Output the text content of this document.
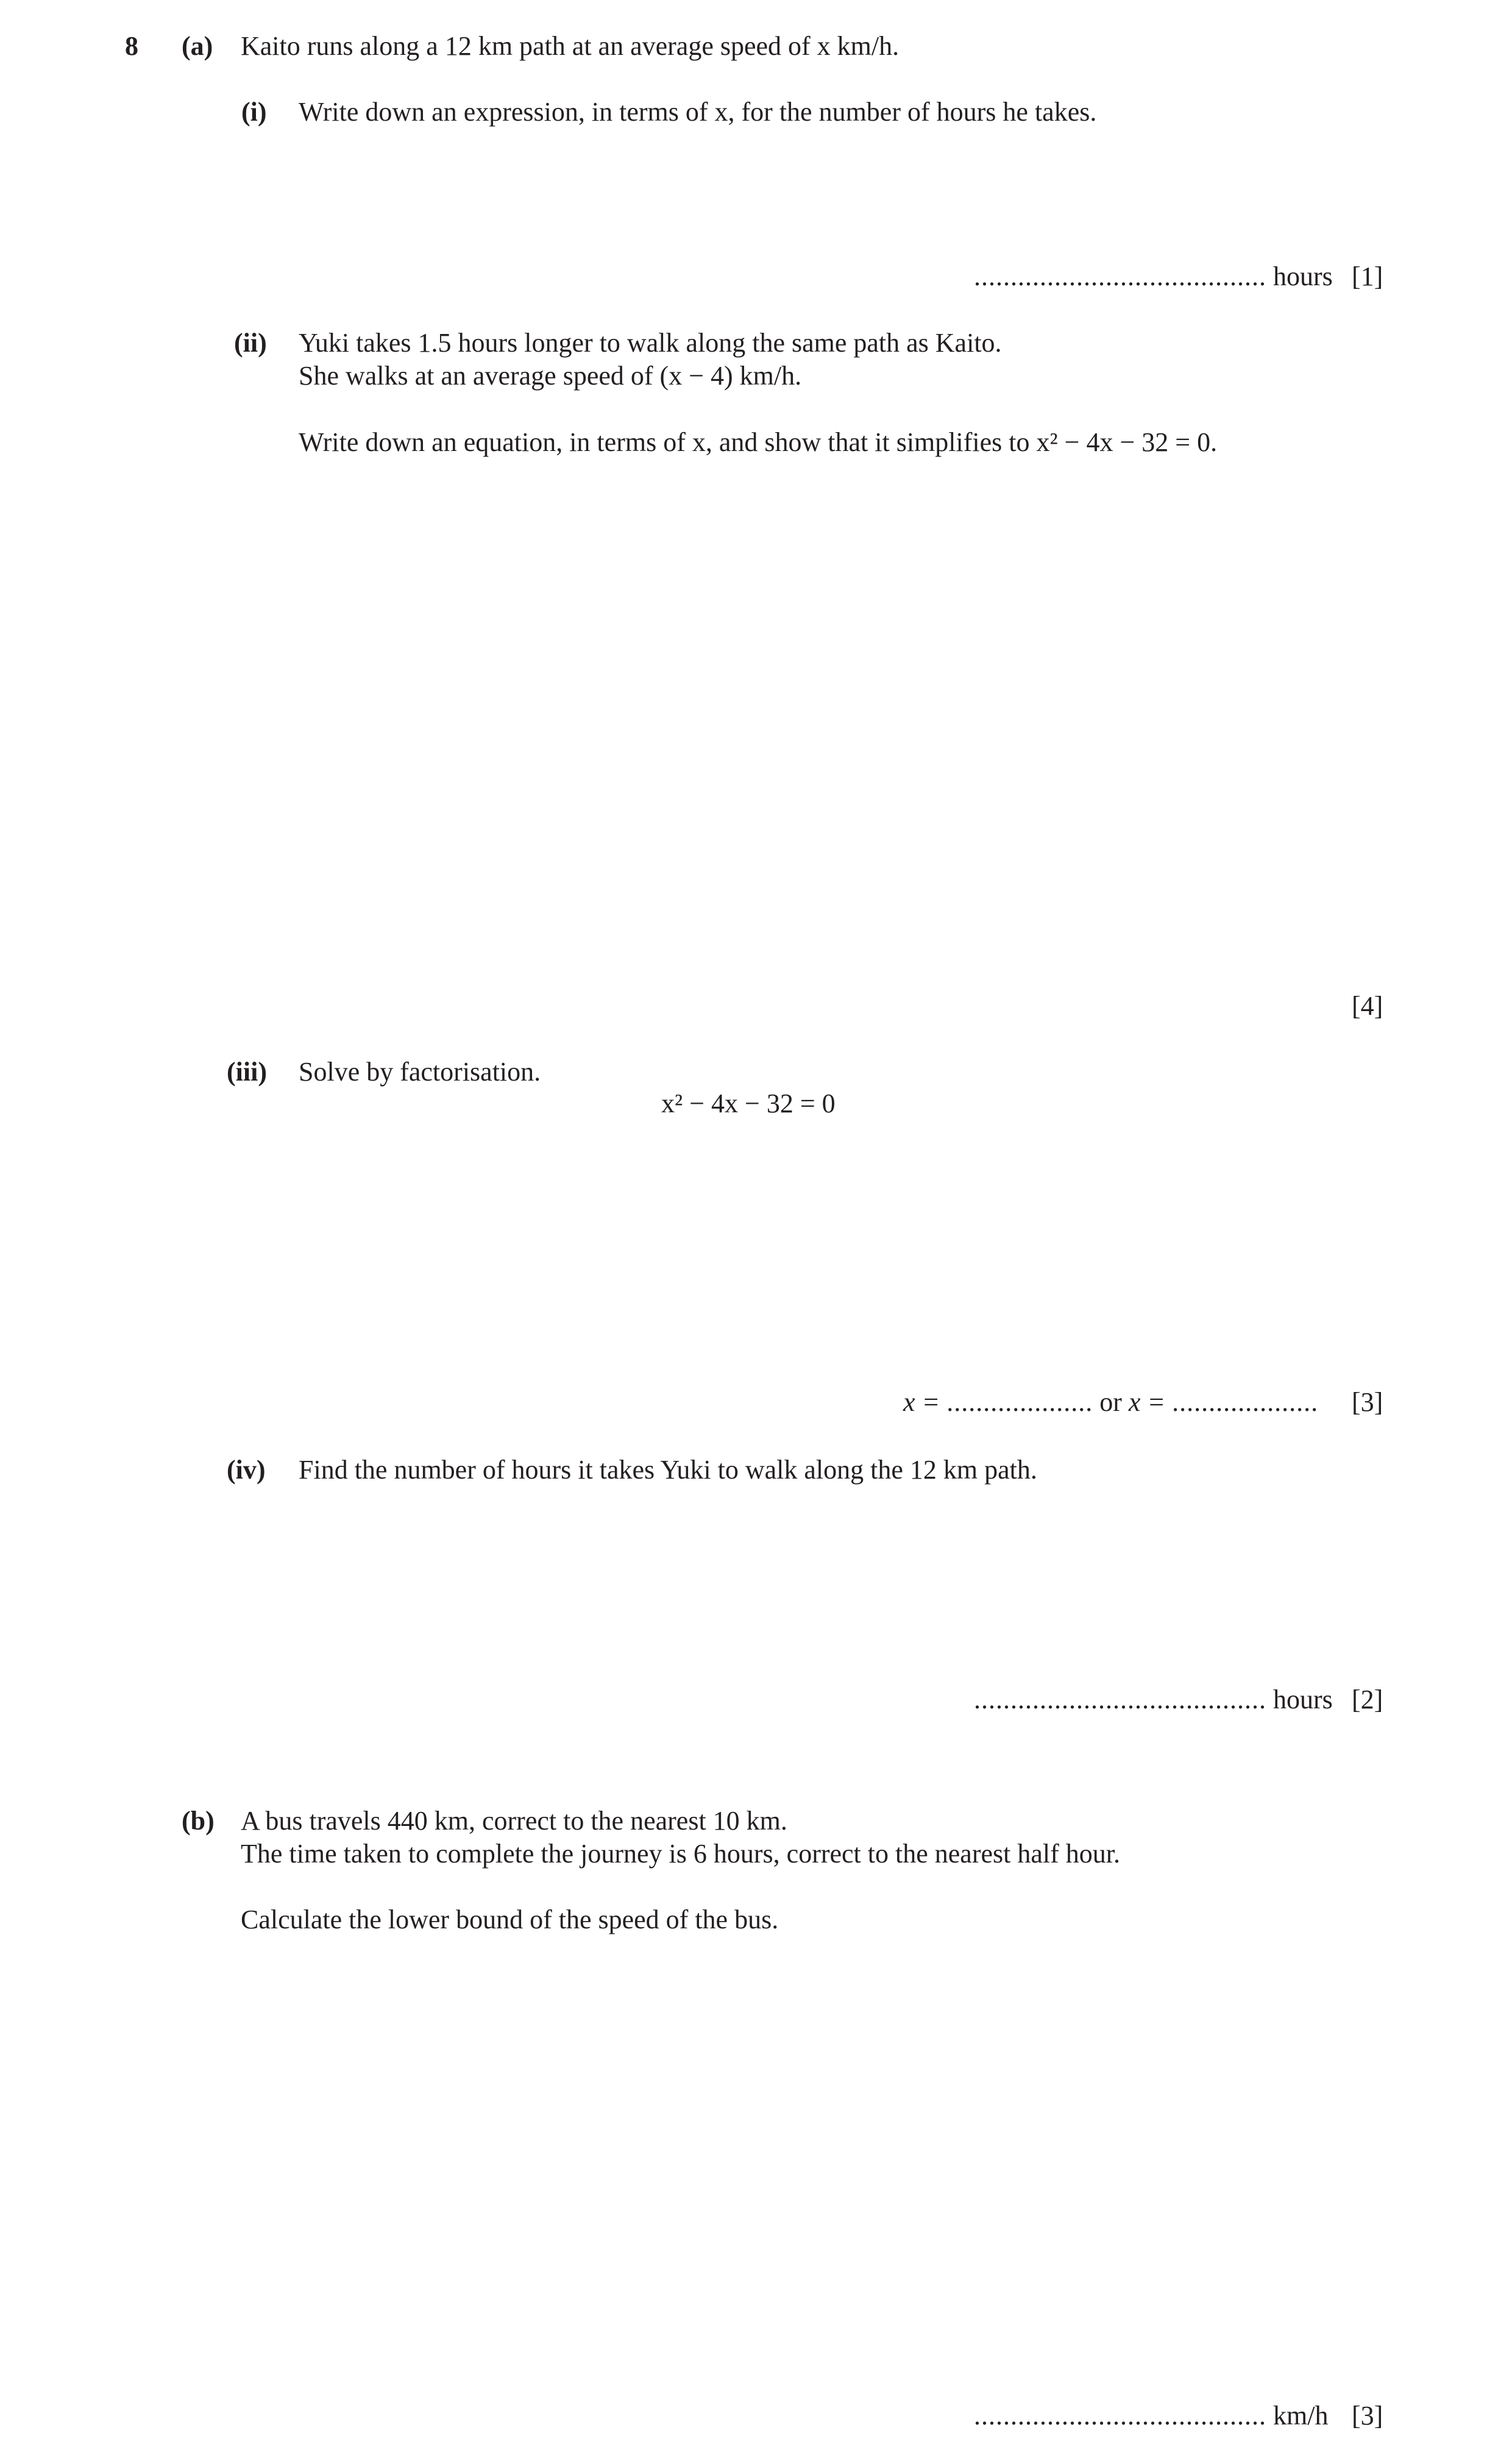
8 (a) Kaito runs along a 12 km path at an average speed of x km/h.
(i) Write down an expression, in terms of x, for the number of hours he takes.
........................................ hours [1]
(ii) Yuki takes 1.5 hours longer to walk along the same path as Kaito.
She walks at an average speed of (x − 4) km/h.
Write down an equation, in terms of x, and show that it simplifies to x² − 4x − 32 = 0.
[4]
(iii) Solve by factorisation.
x² − 4x − 32 = 0
x = .................... or x = .................... [3]
(iv) Find the number of hours it takes Yuki to walk along the 12 km path.
........................................ hours [2]
(b) A bus travels 440 km, correct to the nearest 10 km.
The time taken to complete the journey is 6 hours, correct to the nearest half hour.
Calculate the lower bound of the speed of the bus.
........................................ km/h [3]
